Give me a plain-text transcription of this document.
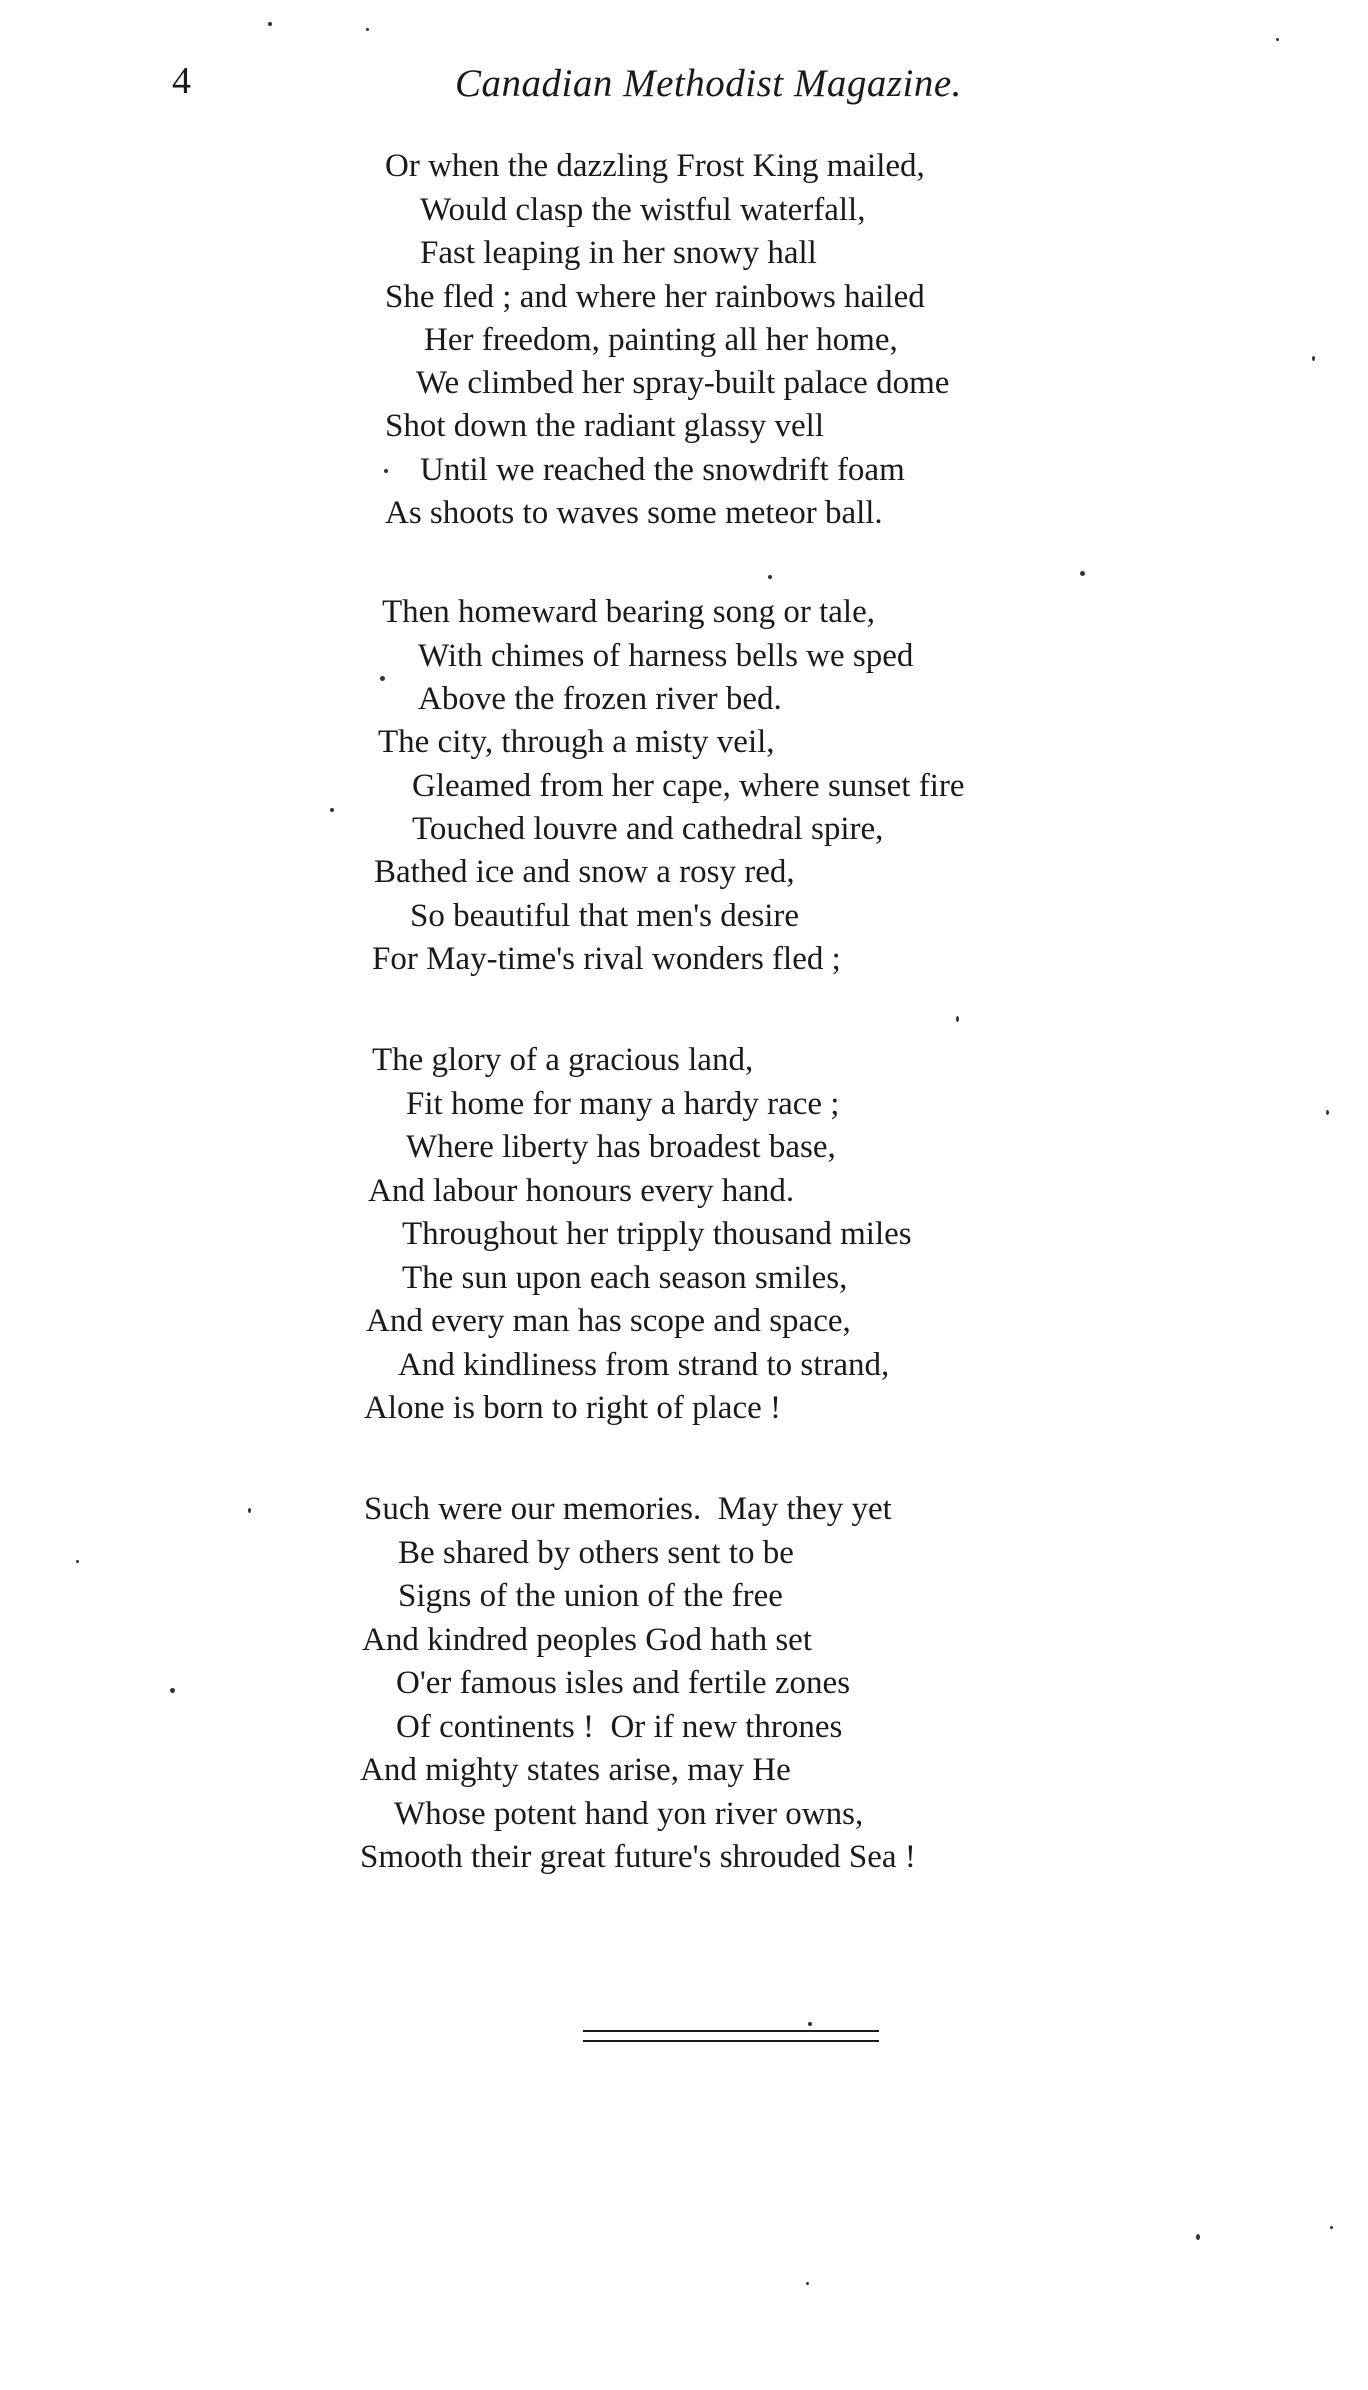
4	Canadian Methodist Magazine.
Or when the dazzling Frost King mailed,
Would clasp the wistful waterfall,
Fast leaping in her snowy hall
She fled ; and where her rainbows hailed
Her freedom, painting all her home,
We climbed her spray-built palace dome
Shot down the radiant glassy vell
Until we reached the snowdrift foam
As shoots to waves some meteor ball.
Then homeward bearing song or tale,
With chimes of harness bells we sped
Above the frozen river bed.
The city, through a misty veil,
Gleamed from her cape, where sunset fire
Touched louvre and cathedral spire,
Bathed ice and snow a rosy red,
So beautiful that men's desire
For May-time's rival wonders fled ;
The glory of a gracious land,
Fit home for many a hardy race ;
Where liberty has broadest base,
And labour honours every hand.
Throughout her tripply thousand miles
The sun upon each season smiles,
And every man has scope and space,
And kindliness from strand to strand,
Alone is born to right of place !
Such were our memories.  May they yet
Be shared by others sent to be
Signs of the union of the free
And kindred peoples God hath set
O'er famous isles and fertile zones
Of continents !  Or if new thrones
And mighty states arise, may He
Whose potent hand yon river owns,
Smooth their great future's shrouded Sea !
